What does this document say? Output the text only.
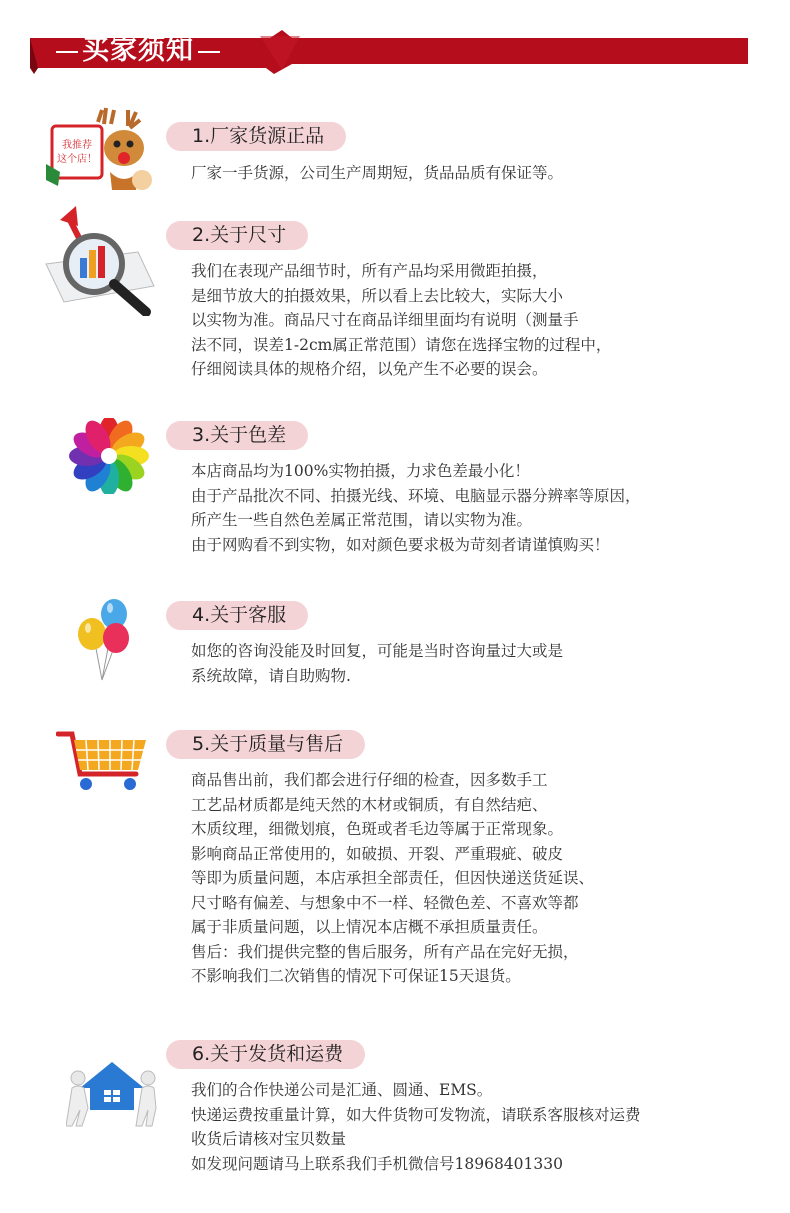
买家须知
我推荐
这个店！
1.厂家货源正品
厂家一手货源，公司生产周期短，货品品质有保证等。
2.关于尺寸
我们在表现产品细节时，所有产品均采用微距拍摄，
是细节放大的拍摄效果，所以看上去比较大，实际大小
以实物为准。商品尺寸在商品详细里面均有说明（测量手
法不同，误差1-2cm属正常范围）请您在选择宝物的过程中，
仔细阅读具体的规格介绍，以免产生不必要的误会。
3.关于色差
本店商品均为100%实物拍摄，力求色差最小化！
由于产品批次不同、拍摄光线、环境、电脑显示器分辨率等原因，
所产生一些自然色差属正常范围，请以实物为准。
由于网购看不到实物，如对颜色要求极为苛刻者请谨慎购买！
4.关于客服
如您的咨询没能及时回复，可能是当时咨询量过大或是
系统故障，请自助购物.
5.关于质量与售后
商品售出前，我们都会进行仔细的检查，因多数手工
工艺品材质都是纯天然的木材或铜质，有自然结疤、
木质纹理，细微划痕，色斑或者毛边等属于正常现象。
影响商品正常使用的，如破损、开裂、严重瑕疵、破皮
等即为质量问题，本店承担全部责任，但因快递送货延误、
尺寸略有偏差、与想象中不一样、轻微色差、不喜欢等都
属于非质量问题，以上情况本店概不承担质量责任。
售后：我们提供完整的售后服务，所有产品在完好无损，
不影响我们二次销售的情况下可保证15天退货。
6.关于发货和运费
我们的合作快递公司是汇通、圆通、EMS。
快递运费按重量计算，如大件货物可发物流，请联系客服核对运费
收货后请核对宝贝数量
如发现问题请马上联系我们手机微信号18968401330
